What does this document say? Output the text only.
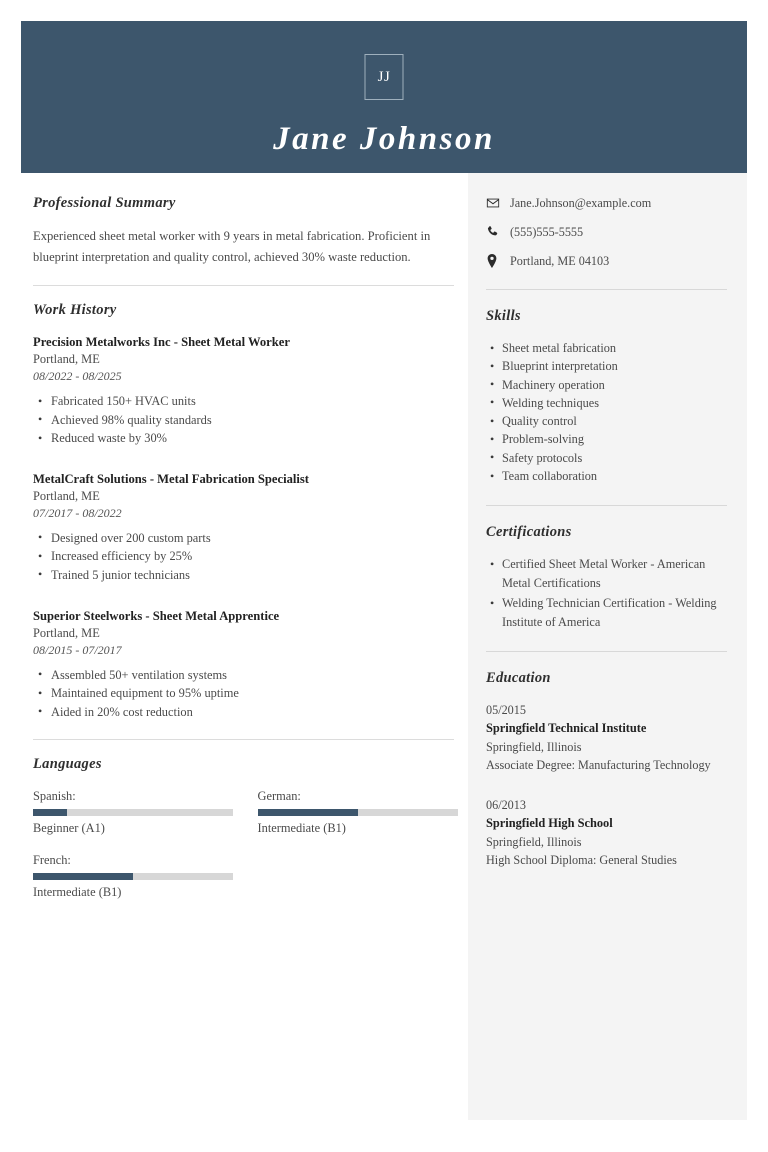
JJ
Jane Johnson
Professional Summary

Experienced sheet metal worker with 9 years in metal fabrication. Proficient in blueprint interpretation and quality control, achieved 30% waste reduction.

Work History
Precision Metalworks Inc - Sheet Metal Worker
Portland, ME
08/2022 - 08/2025
• Fabricated 150+ HVAC units
• Achieved 98% quality standards
• Reduced waste by 30%
MetalCraft Solutions - Metal Fabrication Specialist
Portland, ME
07/2017 - 08/2022
• Designed over 200 custom parts
• Increased efficiency by 25%
• Trained 5 junior technicians
Superior Steelworks - Sheet Metal Apprentice
Portland, ME
08/2015 - 07/2017
• Assembled 50+ ventilation systems
• Maintained equipment to 95% uptime
• Aided in 20% cost reduction
Languages
Spanish:
Beginner (A1)
German:
Intermediate (B1)
French:
Intermediate (B1)
Jane.Johnson@example.com
(555)555-5555
Portland, ME 04103
Skills
• Sheet metal fabrication
• Blueprint interpretation
• Machinery operation
• Welding techniques
• Quality control
• Problem-solving
• Safety protocols
• Team collaboration
Certifications
• Certified Sheet Metal Worker - American Metal Certifications
• Welding Technician Certification - Welding Institute of America
Education
05/2015
Springfield Technical Institute
Springfield, Illinois
Associate Degree: Manufacturing Technology
06/2013
Springfield High School
Springfield, Illinois
High School Diploma: General Studies
